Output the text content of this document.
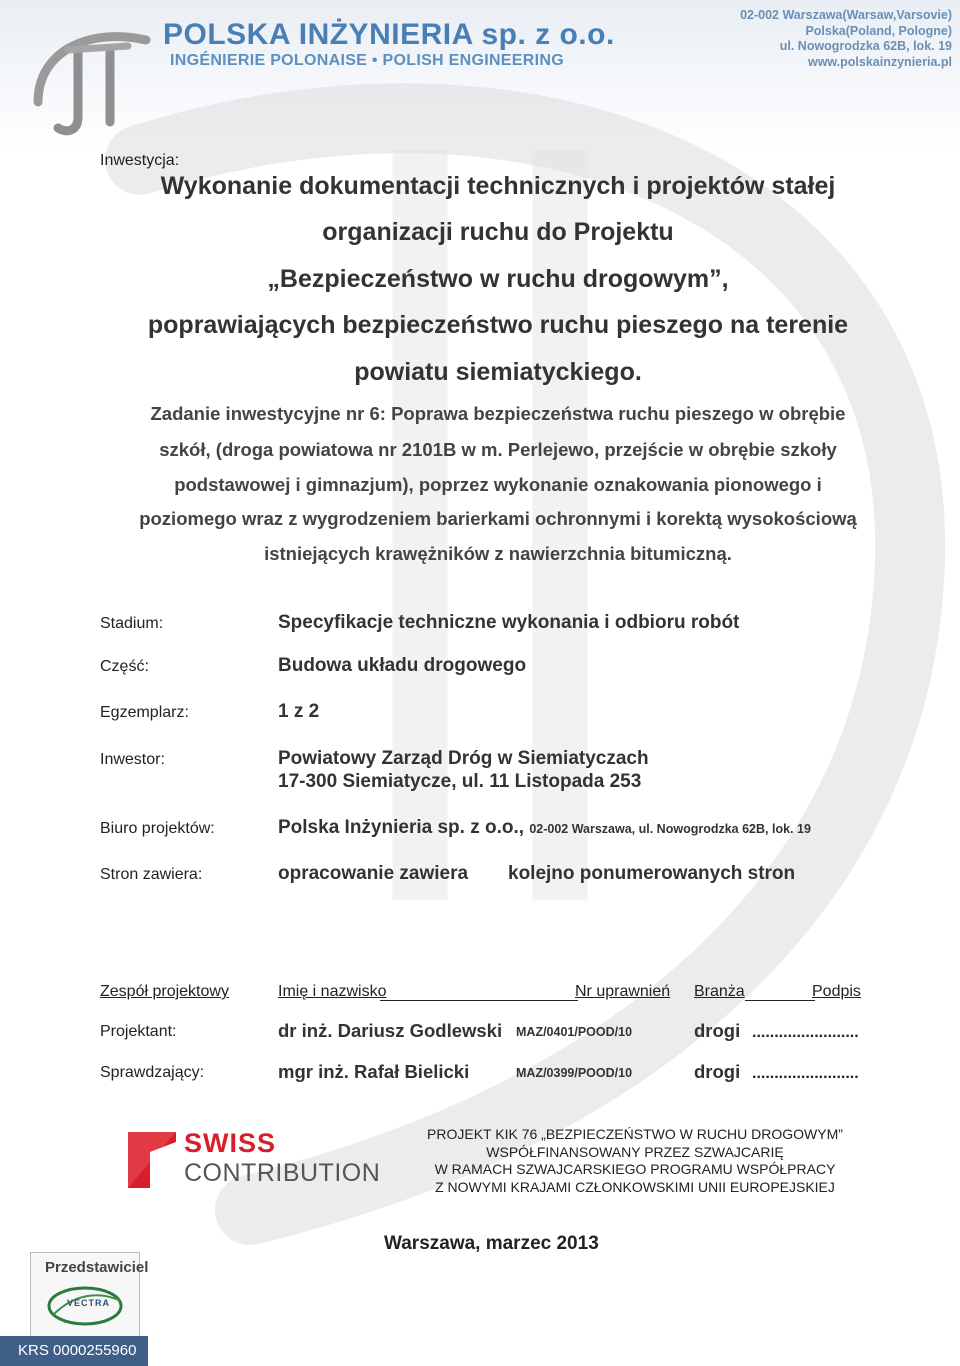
POLSKA INŻYNIERIA sp. z o.o.
INGÉNIERIE POLONAISE • POLISH ENGINEERING
02-002 Warszawa(Warsaw,Varsovie)
Polska(Poland, Pologne)
ul. Nowogrodzka 62B, lok. 19
www.polskainzynieria.pl
Inwestycja:
Wykonanie dokumentacji technicznych i projektów stałej
organizacji ruchu do Projektu
„Bezpieczeństwo w ruchu drogowym”,
poprawiających bezpieczeństwo ruchu pieszego na terenie
powiatu siemiatyckiego.
Zadanie inwestycyjne nr 6: Poprawa bezpieczeństwa ruchu pieszego w obrębie
szkół, (droga powiatowa nr 2101B w m. Perlejewo, przejście w obrębie szkoły
podstawowej i gimnazjum), poprzez wykonanie oznakowania pionowego i
poziomego wraz z wygrodzeniem barierkami ochronnymi i korektą wysokościową
istniejących krawężników z nawierzchnia bitumiczną.
Stadium:	Specyfikacje techniczne wykonania i odbioru robót
Część:	Budowa układu drogowego
Egzemplarz:	1 z 2
Inwestor:	Powiatowy Zarząd Dróg w Siemiatyczach
17-300 Siemiatycze, ul. 11 Listopada 253
Biuro projektów:	Polska Inżynieria sp. z o.o., 02-002 Warszawa, ul. Nowogrodzka 62B, lok. 19
Stron zawiera:	opracowanie zawiera kolejno ponumerowanych stron
Zespół projektowy	Imię i nazwisko	Nr uprawnień Branża	Podpis
Projektant:	dr inż. Dariusz Godlewski MAZ/0401/POOD/10	drogi ........................
Sprawdzający:	mgr inż. Rafał Bielicki	MAZ/0399/POOD/10	drogi ........................
SWISS
CONTRIBUTION
PROJEKT KIK 76 „BEZPIECZEŃSTWO W RUCHU DROGOWYM”
WSPÓŁFINANSOWANY PRZEZ SZWAJCARIĘ
W RAMACH SZWAJCARSKIEGO PROGRAMU WSPÓŁPRACY
Z NOWYMI KRAJAMI CZŁONKOWSKIMI UNII EUROPEJSKIEJ
Warszawa, marzec 2013
Przedstawiciel
VECTRA
KRS 0000255960
